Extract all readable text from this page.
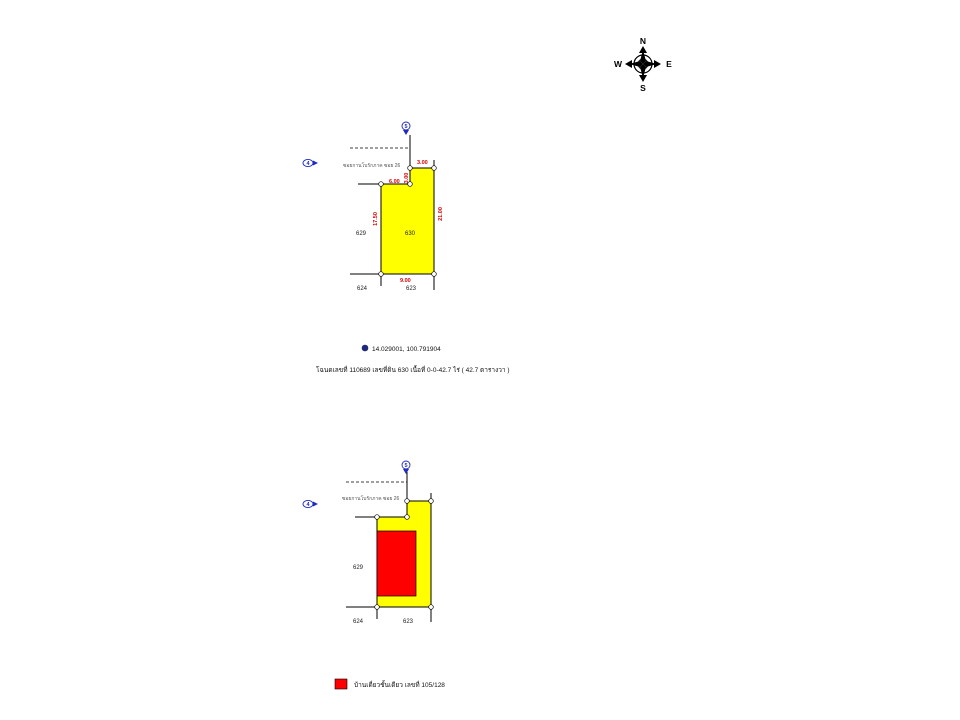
N
S
E
W
5
4	ซอยกานโบรักภาค ซอย 26	3.00
3.00
6.00
17.50	21.00
9.00
630
629
624	623
14.029001, 100.791904
โฉนดเลขที่ 110689 เลขที่ดิน 630 เนื้อที่ 0-0-42.7 ไร่ ( 42.7 ตารางวา )
5
4
ซอยกานโบรักภาค ซอย 26
629
624	623
บ้านเดี่ยวชั้นเดียว เลขที่ 105/128
